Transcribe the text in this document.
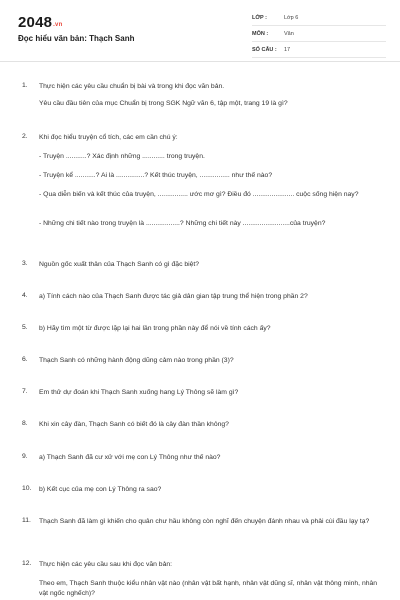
2048.vn
Đọc hiểu văn bản: Thạch Sanh
LỚP :	Lớp 6
MÔN :	Văn
SỐ CÂU : 17
1. Thực hiện các yêu cầu chuẩn bị bài và trong khi đọc văn bản.
Yêu cầu đầu tiên của mục Chuẩn bị trong SGK Ngữ văn 6, tập một, trang 19 là gì?
2. Khi đọc hiểu truyện cổ tích, các em cần chú ý:
- Truyện ...........? Xác định những ............ trong truyện.
- Truyện kể ...........? Ai là ...............? Kết thúc truyện, ................ như thế nào?
- Qua diễn biến và kết thúc của truyện, ................ ước mơ gì? Điều đó ...................... cuộc sống hiện nay?
- Những chi tiết nào trong truyện là ..................? Những chi tiết này .........................của truyện?
3. Nguồn gốc xuất thân của Thạch Sanh có gì đặc biệt?
4. a) Tính cách nào của Thạch Sanh được tác giả dân gian tập trung thể hiện trong phần 2?
5. b) Hãy tìm một từ được lặp lại hai lần trong phần này để nói về tính cách ấy?
6. Thạch Sanh có những hành động dũng cảm nào trong phần (3)?
7. Em thử dự đoán khi Thạch Sanh xuống hang Lý Thông sẽ làm gì?
8. Khi xin cây đàn, Thạch Sanh có biết đó là cây đàn thần không?
9. a) Thạch Sanh đã cư xử với mẹ con Lý Thông như thế nào?
10. b) Kết cục của mẹ con Lý Thông ra sao?
11. Thạch Sanh đã làm gì khiến cho quân chư hầu không còn nghĩ đến chuyện đánh nhau và phải cùi đầu lạy tạ?
12. Thực hiện các yêu cầu sau khi đọc văn bản:
Theo em, Thạch Sanh thuộc kiểu nhân vật nào (nhân vật bất hạnh, nhân vật dũng sĩ, nhân vật thông minh, nhân vật ngốc nghếch)?
